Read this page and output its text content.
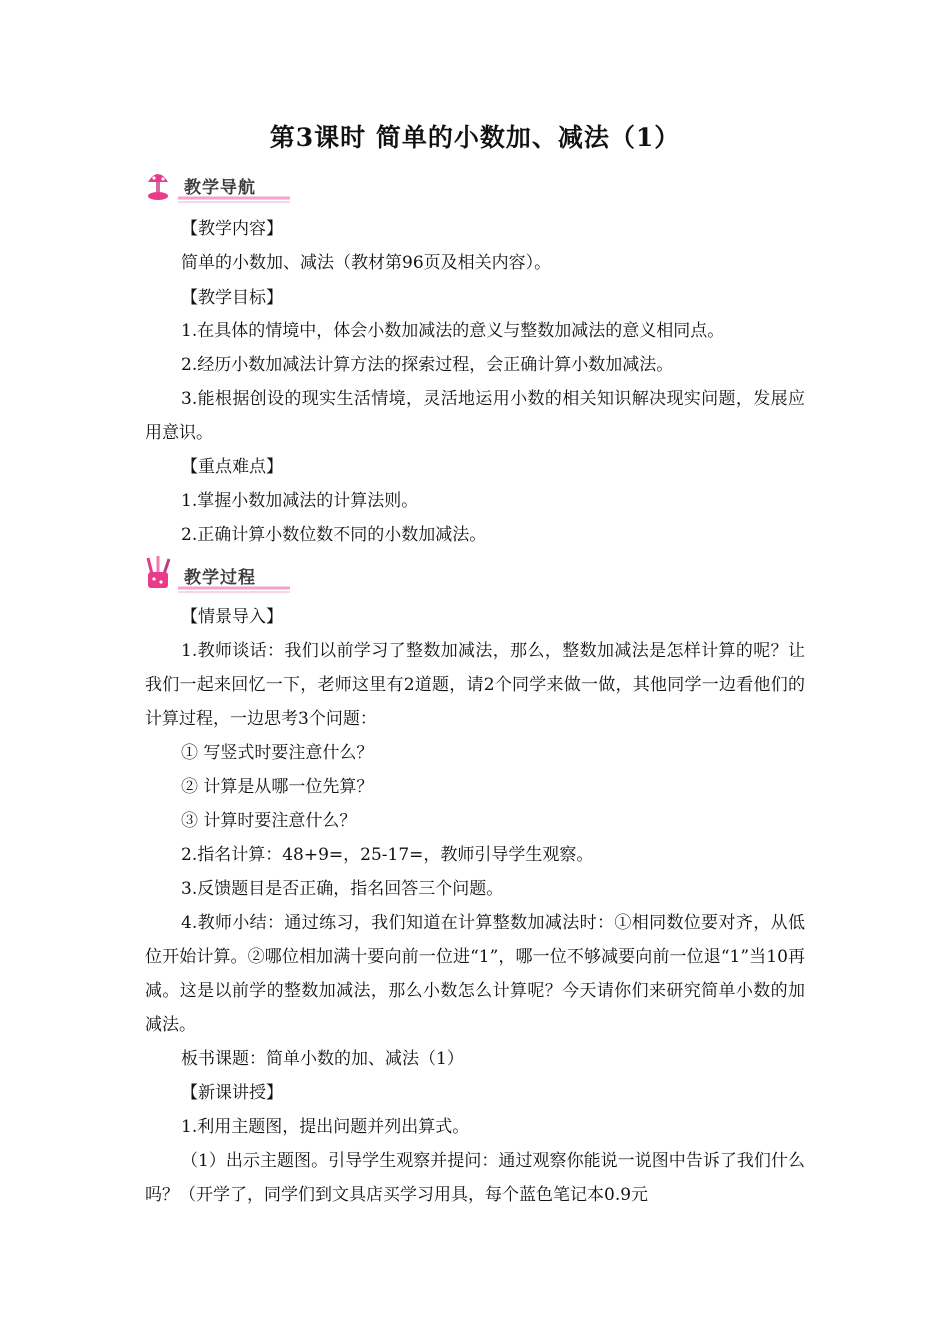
第3课时 简单的小数加、减法（1）
教学导航
【教学内容】
简单的小数加、减法（教材第96页及相关内容）。
【教学目标】
1.在具体的情境中，体会小数加减法的意义与整数加减法的意义相同点。
2.经历小数加减法计算方法的探索过程，会正确计算小数加减法。
3.能根据创设的现实生活情境，灵活地运用小数的相关知识解决现实问题，发展应用意识。
【重点难点】
1.掌握小数加减法的计算法则。
2.正确计算小数位数不同的小数加减法。
教学过程
【情景导入】
1.教师谈话：我们以前学习了整数加减法，那么，整数加减法是怎样计算的呢？让我们一起来回忆一下，老师这里有2道题，请2个同学来做一做，其他同学一边看他们的计算过程，一边思考3个问题：
① 写竖式时要注意什么？
② 计算是从哪一位先算？
③ 计算时要注意什么？
2.指名计算：48+9=，25-17=，教师引导学生观察。
3.反馈题目是否正确，指名回答三个问题。
4.教师小结：通过练习，我们知道在计算整数加减法时：①相同数位要对齐，从低位开始计算。②哪位相加满十要向前一位进“1”，哪一位不够减要向前一位退“1”当10再减。这是以前学的整数加减法，那么小数怎么计算呢？今天请你们来研究简单小数的加减法。
板书课题：简单小数的加、减法（1）
【新课讲授】
1.利用主题图，提出问题并列出算式。
（1）出示主题图。引导学生观察并提问：通过观察你能说一说图中告诉了我们什么吗？（开学了，同学们到文具店买学习用具，每个蓝色笔记本0.9元
